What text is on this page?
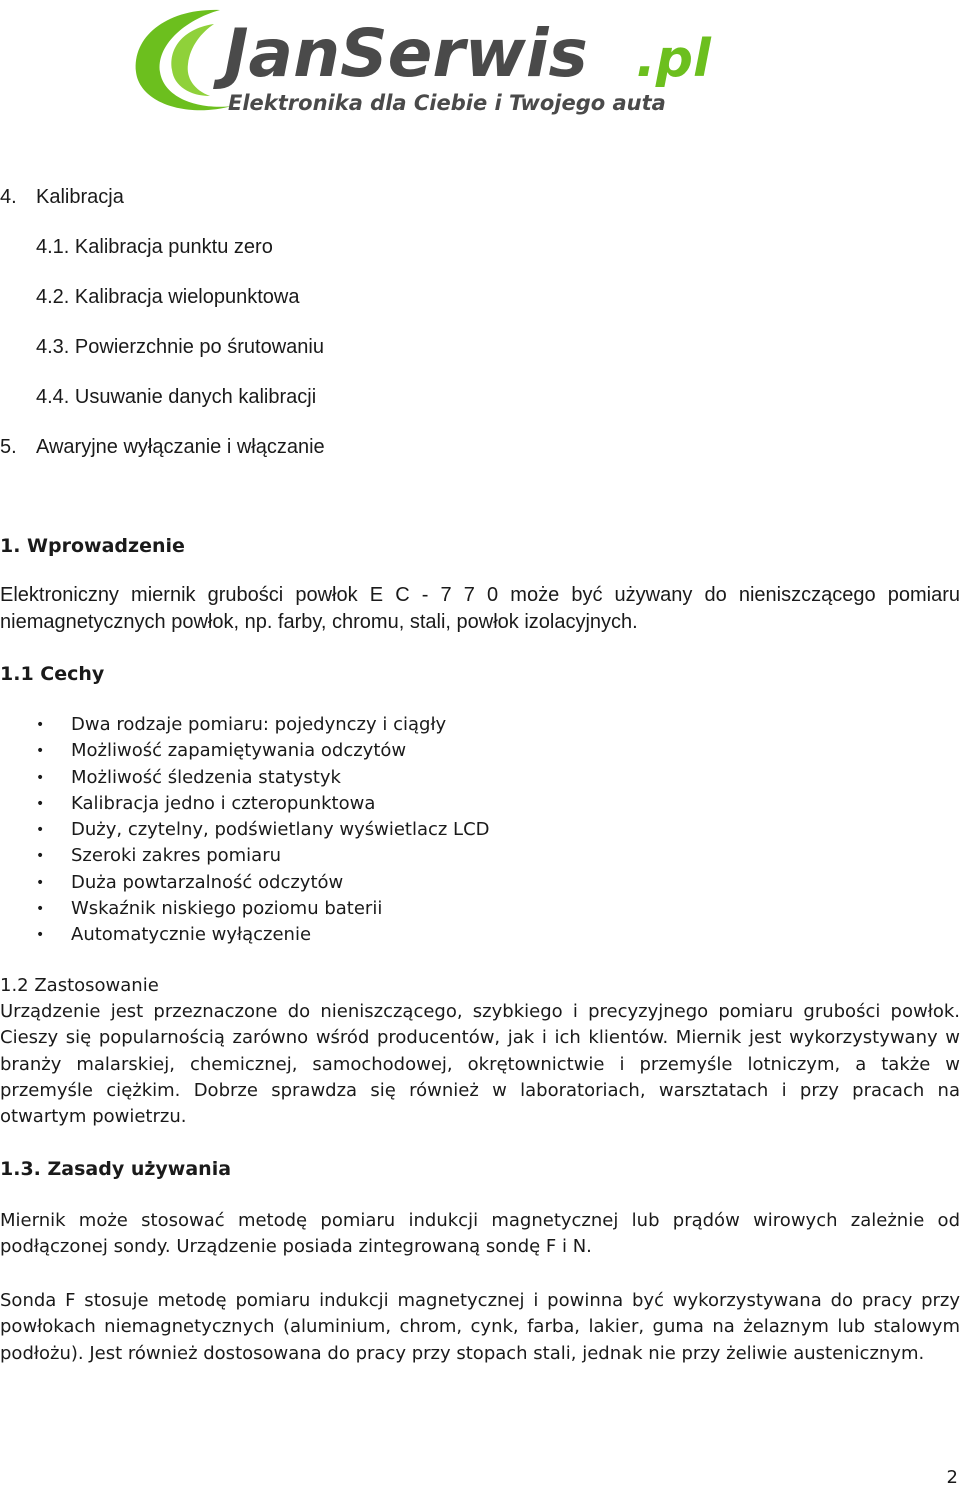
JanSerwis .pl
Elektronika dla Ciebie i Twojego auta
4. Kalibracja
4.1. Kalibracja punktu zero
4.2. Kalibracja wielopunktowa
4.3. Powierzchnie po śrutowaniu
4.4. Usuwanie danych kalibracji
5. Awaryjne wyłączanie i włączanie
1. Wprowadzenie
Elektroniczny miernik grubości powłok E C - 7 7 0 może być używany do nieniszczącego pomiaru niemagnetycznych powłok, np. farby, chromu, stali, powłok izolacyjnych.
1.1 Cechy
• Dwa rodzaje pomiaru: pojedynczy i ciągły
• Możliwość zapamiętywania odczytów
• Możliwość śledzenia statystyk
• Kalibracja jedno i czteropunktowa
• Duży, czytelny, podświetlany wyświetlacz LCD
• Szeroki zakres pomiaru
• Duża powtarzalność odczytów
• Wskaźnik niskiego poziomu baterii
• Automatycznie wyłączenie
1.2 Zastosowanie
Urządzenie jest przeznaczone do nieniszczącego, szybkiego i precyzyjnego pomiaru grubości powłok. Cieszy się popularnością zarówno wśród producentów, jak i ich klientów. Miernik jest wykorzystywany w branży malarskiej, chemicznej, samochodowej, okrętownictwie i przemyśle lotniczym, a także w przemyśle ciężkim. Dobrze sprawdza się również w laboratoriach, warsztatach i przy pracach na otwartym powietrzu.
1.3. Zasady używania
Miernik może stosować metodę pomiaru indukcji magnetycznej lub prądów wirowych zależnie od podłączonej sondy. Urządzenie posiada zintegrowaną sondę F i N.
Sonda F stosuje metodę pomiaru indukcji magnetycznej i powinna być wykorzystywana do pracy przy powłokach niemagnetycznych (aluminium, chrom, cynk, farba, lakier, guma na żelaznym lub stalowym podłożu). Jest również dostosowana do pracy przy stopach stali, jednak nie przy żeliwie austenicznym.
2
